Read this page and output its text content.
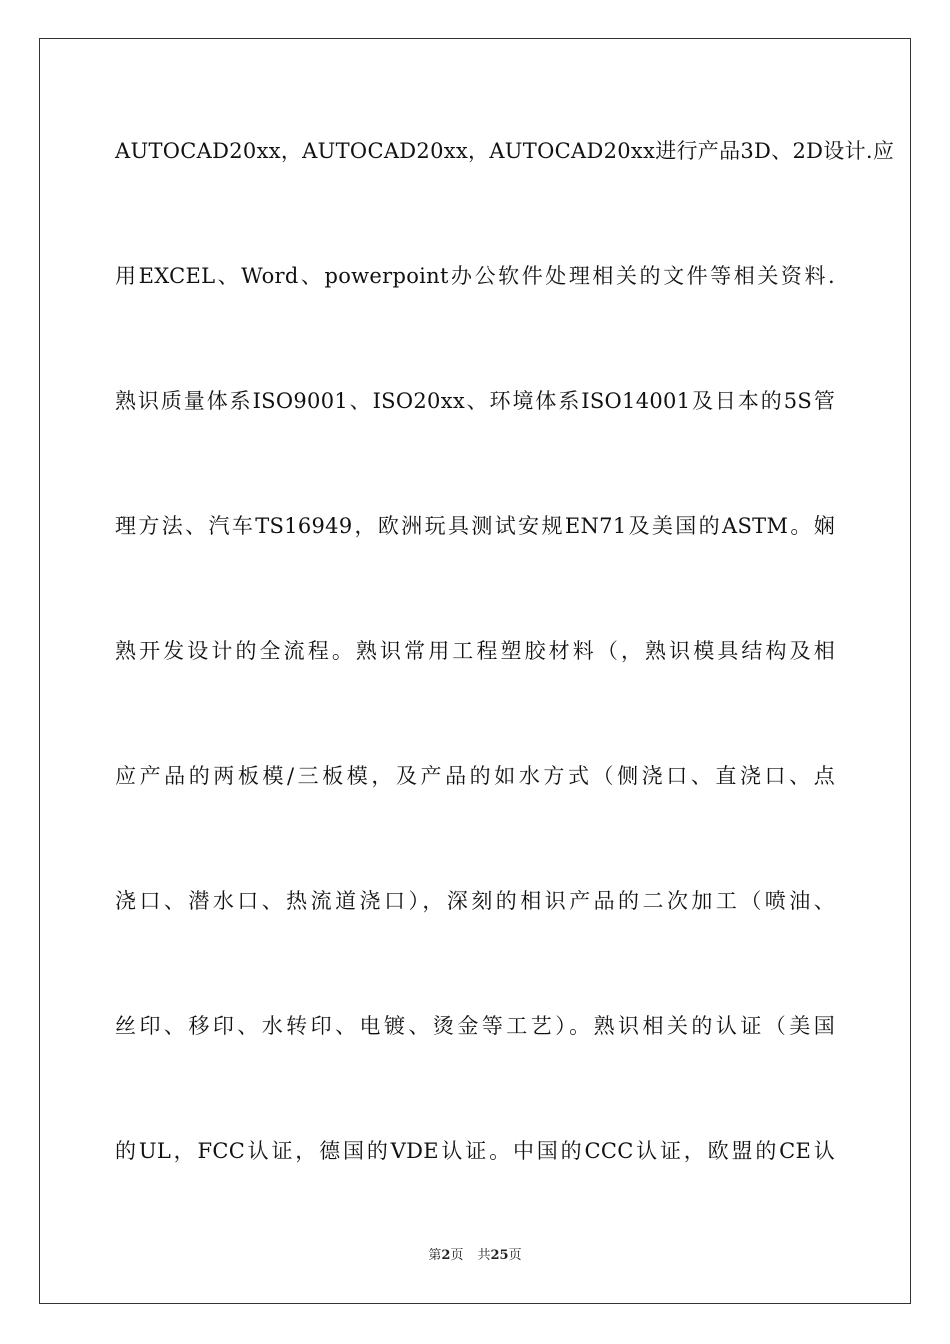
AUTOCAD20xx，AUTOCAD20xx，AUTOCAD20xx进行产品3D、2D设计.应
用EXCEL、Word、powerpoint办公软件处理相关的文件等相关资料.
熟识质量体系ISO9001、ISO20xx、环境体系ISO14001及日本的5S管
理方法、汽车TS16949，欧洲玩具测试安规EN71及美国的ASTM。娴
熟开发设计的全流程。熟识常用工程塑胶材料（，熟识模具结构及相
应产品的两板模/三板模，及产品的如水方式（侧浇口、直浇口、点
浇口、潜水口、热流道浇口），深刻的相识产品的二次加工（喷油、
丝印、移印、水转印、电镀、烫金等工艺）。熟识相关的认证（美国
的UL，FCC认证，德国的VDE认证。中国的CCC认证，欧盟的CE认
第2页 共25页
